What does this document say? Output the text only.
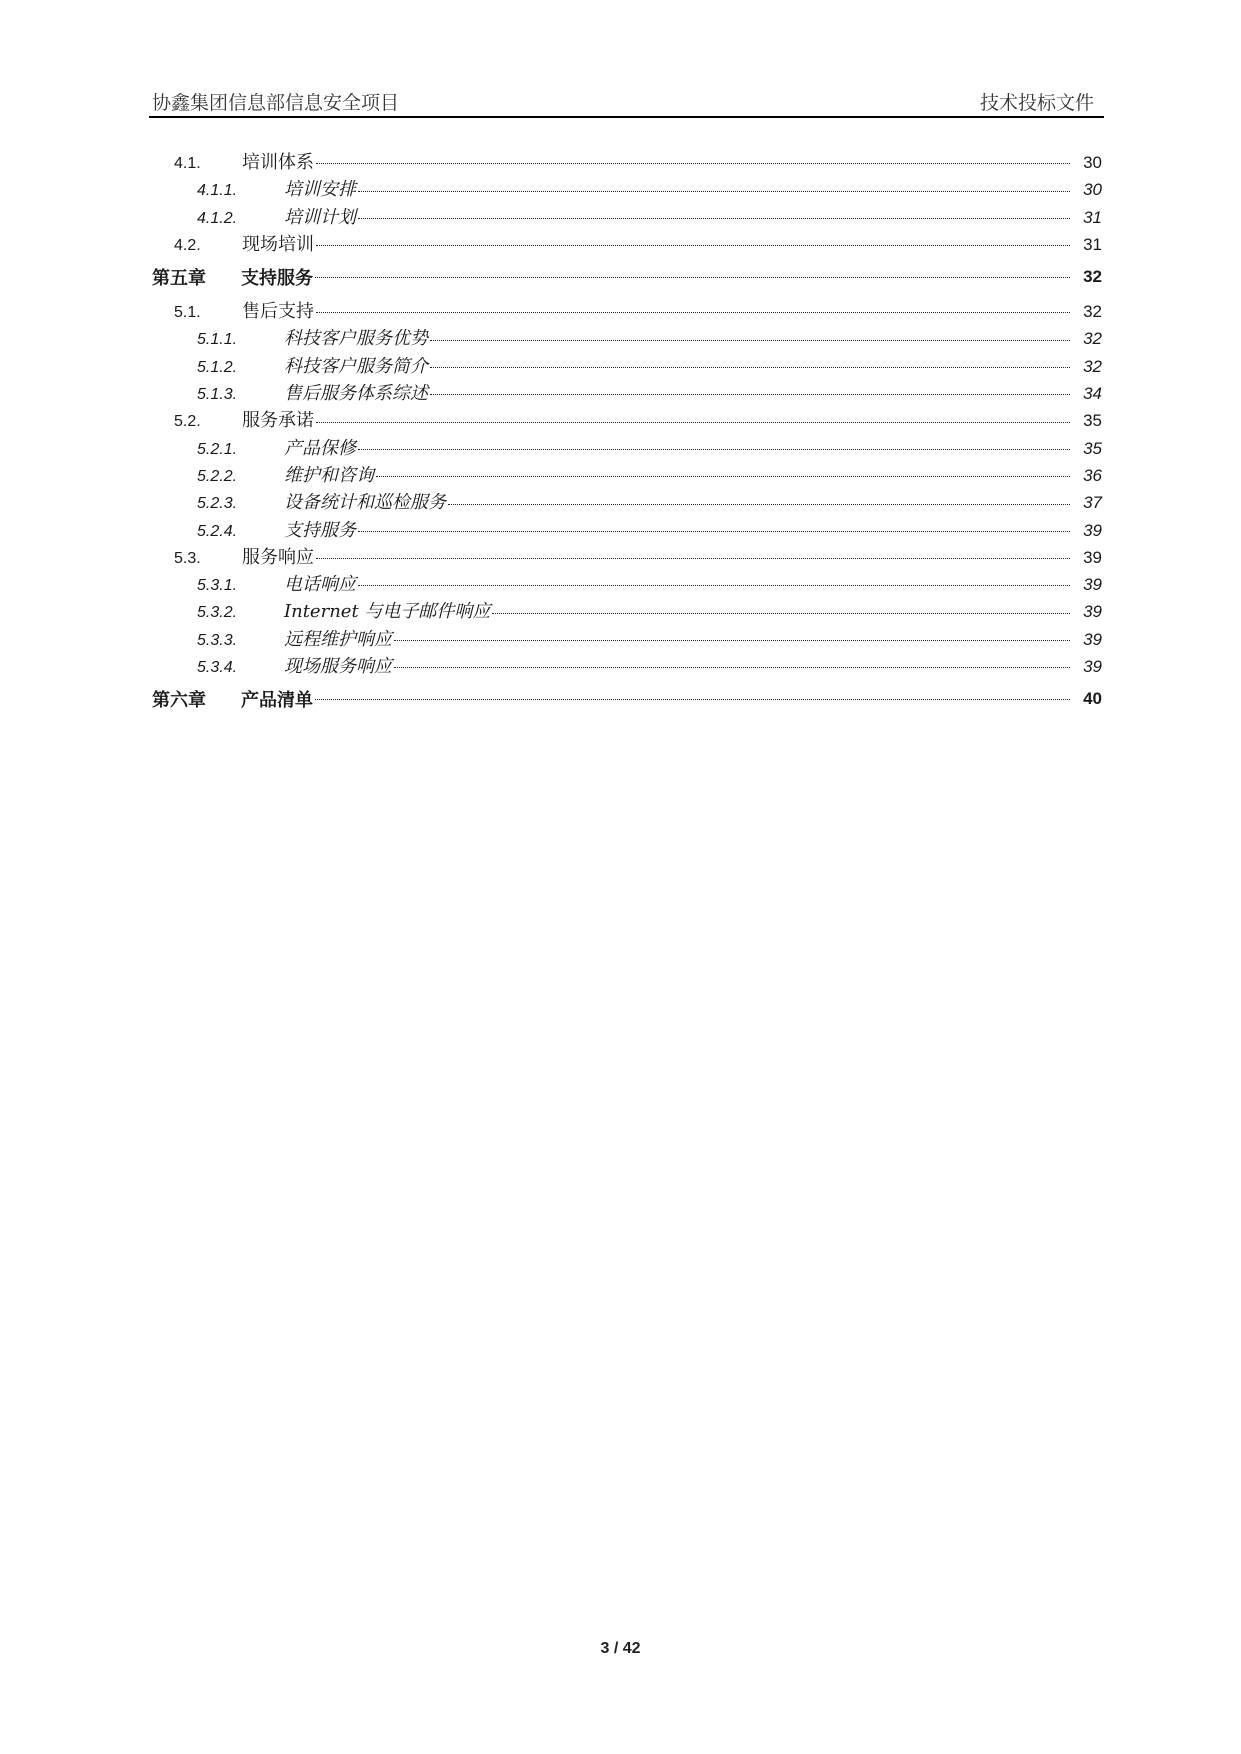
协鑫集团信息部信息安全项目	技术投标文件
4.1.	培训体系	30
4.1.1.	培训安排	30
4.1.2.	培训计划	31
4.2.	现场培训	31
第五章	支持服务	32
5.1.	售后支持	32
5.1.1.	科技客户服务优势	32
5.1.2.	科技客户服务简介	32
5.1.3.	售后服务体系综述	34
5.2.	服务承诺	35
5.2.1.	产品保修	35
5.2.2.	维护和咨询	36
5.2.3.	设备统计和巡检服务	37
5.2.4.	支持服务	39
5.3.	服务响应	39
5.3.1.	电话响应	39
5.3.2.	Internet 与电子邮件响应	39
5.3.3.	远程维护响应	39
5.3.4.	现场服务响应	39
第六章	产品清单	40
3 / 42
